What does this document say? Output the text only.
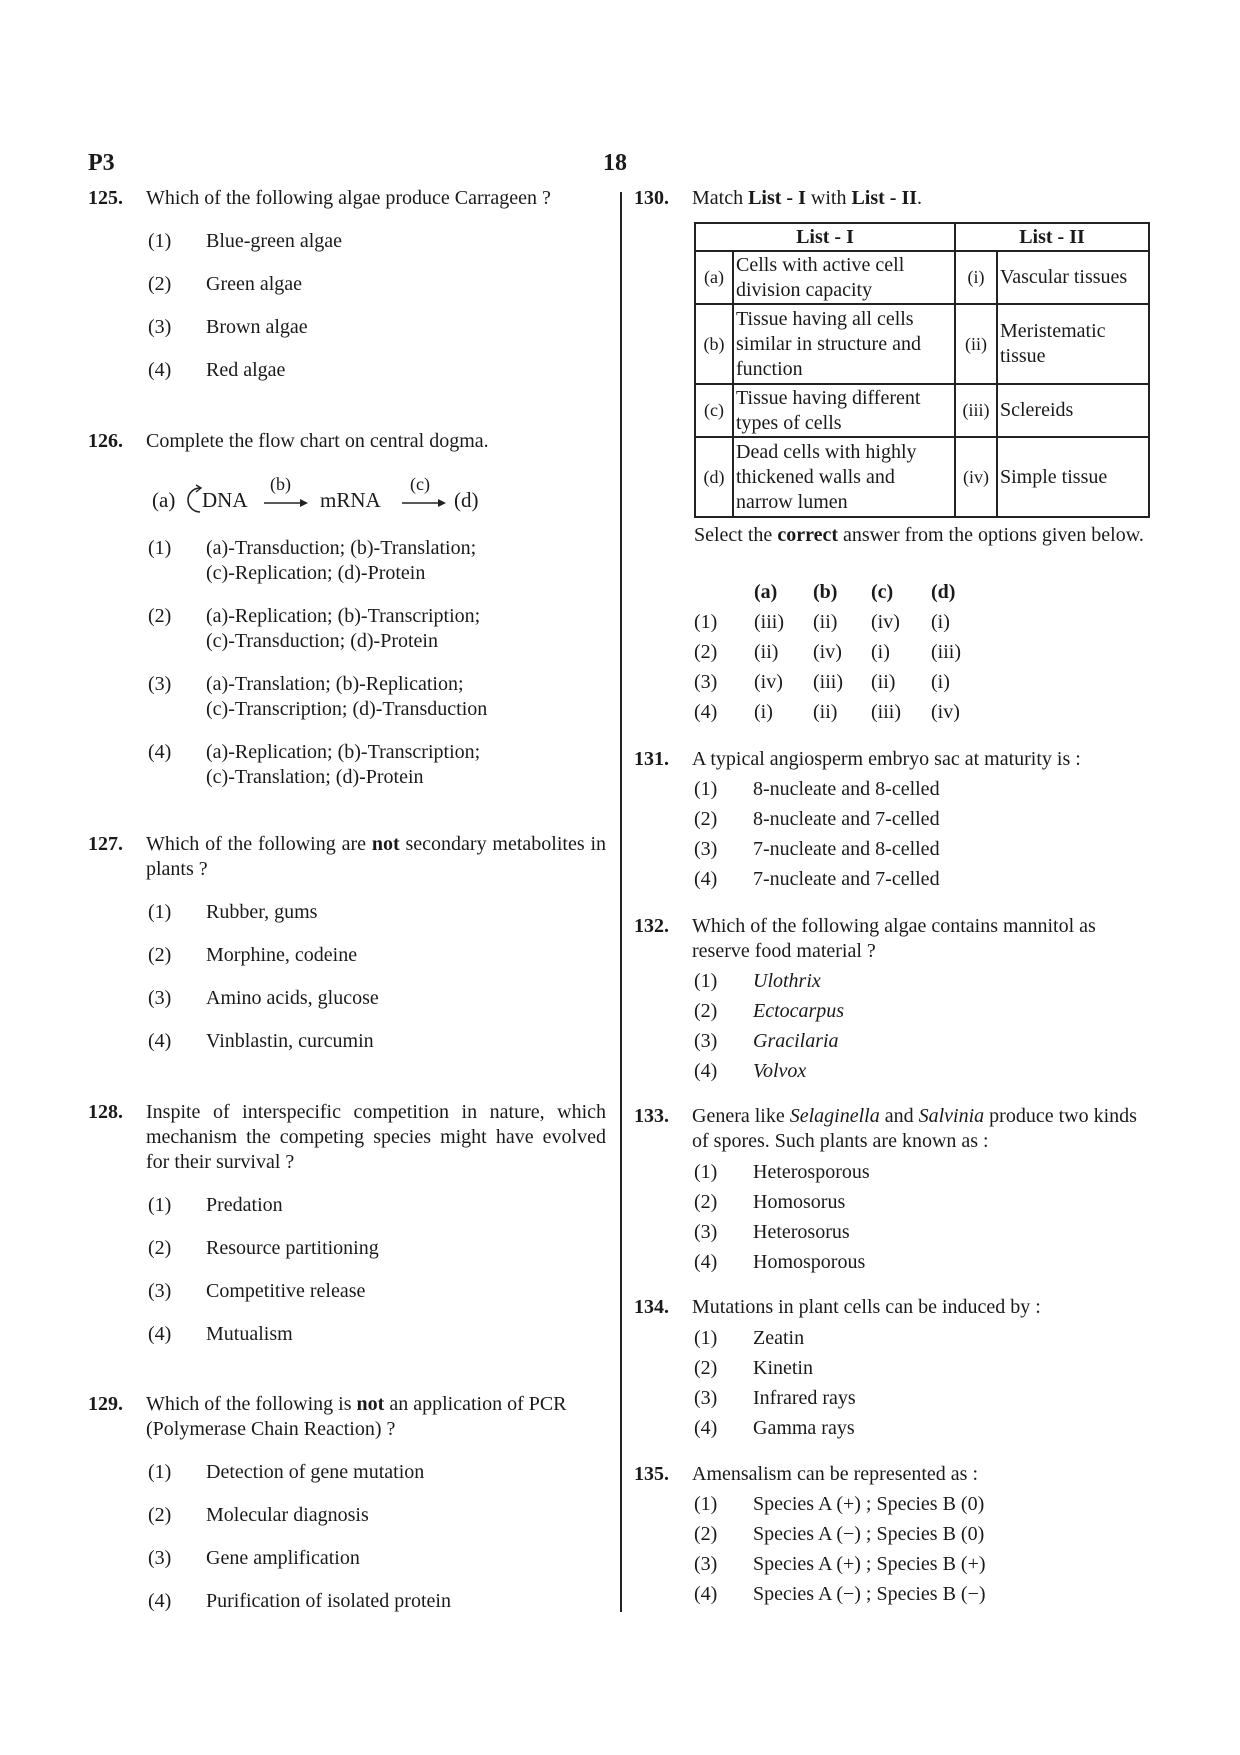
P3	18
125. Which of the following algae produce Carrageen ?
(1) Blue-green algae
(2) Green algae
(3) Brown algae
(4) Red algae
126. Complete the flow chart on central dogma.
(a) DNA
(b)
mRNA
(c)
(d)
(1) (a)-Transduction; (b)-Translation;
(c)-Replication; (d)-Protein
(2) (a)-Replication; (b)-Transcription;
(c)-Transduction; (d)-Protein
(3) (a)-Translation; (b)-Replication;
(c)-Transcription; (d)-Transduction
(4) (a)-Replication; (b)-Transcription;
(c)-Translation; (d)-Protein
127. Which of the following are not secondary metabolites in plants ?
(1) Rubber, gums
(2) Morphine, codeine
(3) Amino acids, glucose
(4) Vinblastin, curcumin
128. Inspite of interspecific competition in nature, which mechanism the competing species might have evolved for their survival ?
(1) Predation
(2) Resource partitioning
(3) Competitive release
(4) Mutualism
129. Which of the following is not an application of PCR (Polymerase Chain Reaction) ?
(1) Detection of gene mutation
(2) Molecular diagnosis
(3) Gene amplification
(4) Purification of isolated protein
130. Match List - I with List - II.
List - I		List - II	
(a)	Cells with active cell division capacity	(i)	Vascular tissues
(b)	Tissue having all cells similar in structure and function	(ii)	Meristematic tissue
(c)	Tissue having different types of cells	(iii)	Sclereids
(d)	Dead cells with highly thickened walls and narrow lumen	(iv)	Simple tissue
Select the correct answer from the options given below.
(a) (b) (c) (d)
(1) (iii) (ii) (iv) (i)
(2) (ii) (iv) (i) (iii)
(3) (iv) (iii) (ii) (i)
(4) (i) (ii) (iii) (iv)
131. A typical angiosperm embryo sac at maturity is :
(1) 8-nucleate and 8-celled
(2) 8-nucleate and 7-celled
(3) 7-nucleate and 8-celled
(4) 7-nucleate and 7-celled
132. Which of the following algae contains mannitol as reserve food material ?
(1) Ulothrix
(2) Ectocarpus
(3) Gracilaria
(4) Volvox
133. Genera like Selaginella and Salvinia produce two kinds of spores. Such plants are known as :
(1) Heterosporous
(2) Homosorus
(3) Heterosorus
(4) Homosporous
134. Mutations in plant cells can be induced by :
(1) Zeatin
(2) Kinetin
(3) Infrared rays
(4) Gamma rays
135. Amensalism can be represented as :
(1) Species A (+) ; Species B (0)
(2) Species A (−) ; Species B (0)
(3) Species A (+) ; Species B (+)
(4) Species A (−) ; Species B (−)
